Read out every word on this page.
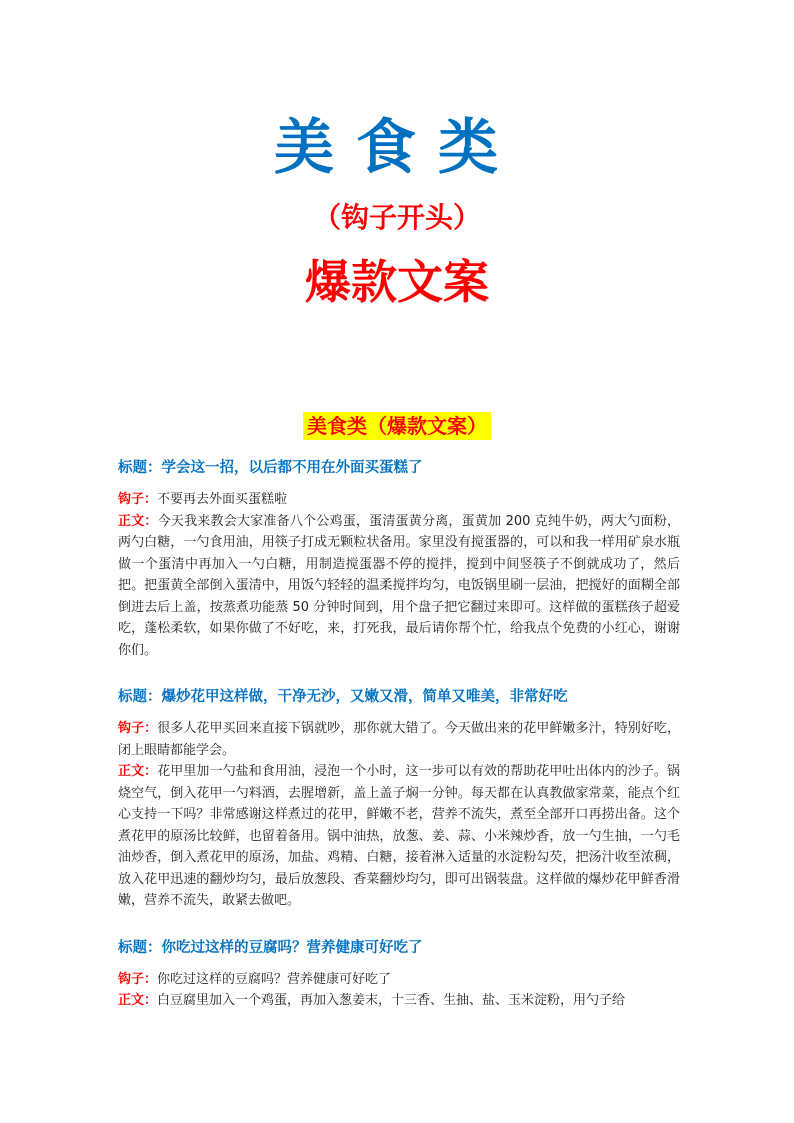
美食类
（钩子开头）
爆款文案
美食类（爆款文案）
标题：学会这一招，以后都不用在外面买蛋糕了
钩子：不要再去外面买蛋糕啦
正文：今天我来教会大家准备八个公鸡蛋，蛋清蛋黄分离，蛋黄加 200 克纯牛奶，两大勺面粉，两勺白糖，一勺食用油，用筷子打成无颗粒状备用。家里没有搅蛋器的，可以和我一样用矿泉水瓶做一个蛋清中再加入一勺白糖，用制造搅蛋器不停的搅拌，搅到中间竖筷子不倒就成功了，然后把。把蛋黄全部倒入蛋清中，用饭勺轻轻的温柔搅拌均匀，电饭锅里刷一层油，把搅好的面糊全部倒进去后上盖，按蒸煮功能蒸 50 分钟时间到，用个盘子把它翻过来即可。这样做的蛋糕孩子超爱吃，蓬松柔软，如果你做了不好吃，来，打死我，最后请你帮个忙，给我点个免费的小红心，谢谢你们。
标题：爆炒花甲这样做，干净无沙，又嫩又滑，简单又唯美，非常好吃
钩子：很多人花甲买回来直接下锅就吵，那你就大错了。今天做出来的花甲鲜嫩多汁，特别好吃，闭上眼睛都能学会。
正文：花甲里加一勺盐和食用油，浸泡一个小时，这一步可以有效的帮助花甲吐出体内的沙子。锅烧空气，倒入花甲一勺料酒，去腥增新，盖上盖子焖一分钟。每天都在认真教做家常菜，能点个红心支持一下吗？非常感谢这样煮过的花甲，鲜嫩不老，营养不流失，煮至全部开口再捞出备。这个煮花甲的原汤比较鲜，也留着备用。锅中油热，放葱、姜、蒜、小米辣炒香，放一勺生抽，一勺毛油炒香，倒入煮花甲的原汤，加盐、鸡精、白糖，接着淋入适量的水淀粉勾芡，把汤汁收至浓稠，放入花甲迅速的翻炒均匀，最后放葱段、香菜翻炒均匀，即可出锅装盘。这样做的爆炒花甲鲜香滑嫩，营养不流失，敢紧去做吧。
标题：你吃过这样的豆腐吗？营养健康可好吃了
钩子：你吃过这样的豆腐吗？营养健康可好吃了
正文：白豆腐里加入一个鸡蛋，再加入葱姜末，十三香、生抽、盐、玉米淀粉，用勺子给
